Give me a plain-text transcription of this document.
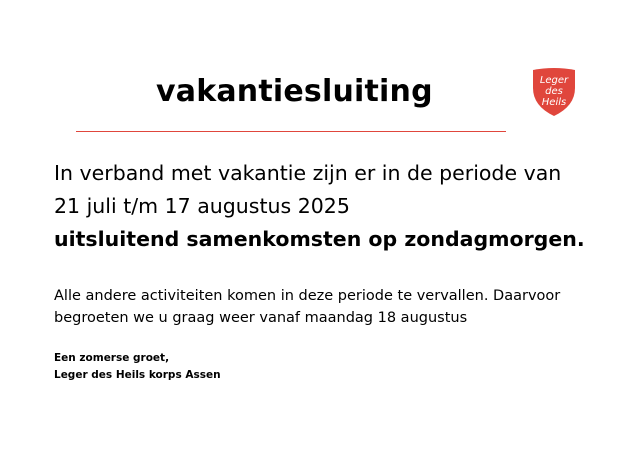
vakantiesluiting	Leger
des
Heils
In verband met vakantie zijn er in de periode van
21 juli t/m 17 augustus 2025
uitsluitend samenkomsten op zondagmorgen.
Alle andere activiteiten komen in deze periode te vervallen. Daarvoor
begroeten we u graag weer vanaf maandag 18 augustus
Een zomerse groet,
Leger des Heils korps Assen
